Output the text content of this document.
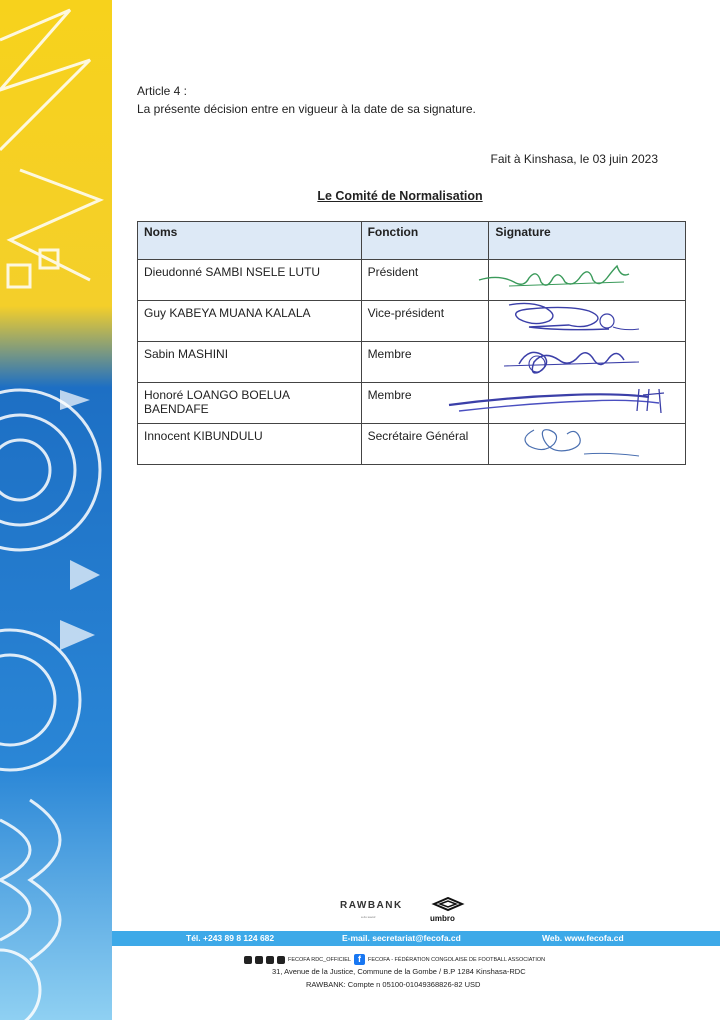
Article 4 :
La présente décision entre en vigueur à la date de sa signature.
Fait à Kinshasa, le 03 juin 2023
Le Comité de Normalisation
Noms	Fonction	Signature
Dieudonné SAMBI NSELE LUTU	Président	

Guy KABEYA MUANA KALALA	Vice-président	

Sabin MASHINI	Membre	

Honoré LOANGO BOELUA BAENDAFE	Membre	

Innocent KIBUNDULU	Secrétaire Général	
RAWBANK
a du savoir	umbro
Tél. +243 89 8 124 682	E-mail. secretariat@fecofa.cd	Web. www.fecofa.cd
FECOFA RDC_OFFICIEL f	FECOFA - FÉDÉRATION CONGOLAISE DE FOOTBALL ASSOCIATION
31, Avenue de la Justice, Commune de la Gombe / B.P 1284 Kinshasa-RDC
RAWBANK: Compte n 05100-01049368826-82 USD
